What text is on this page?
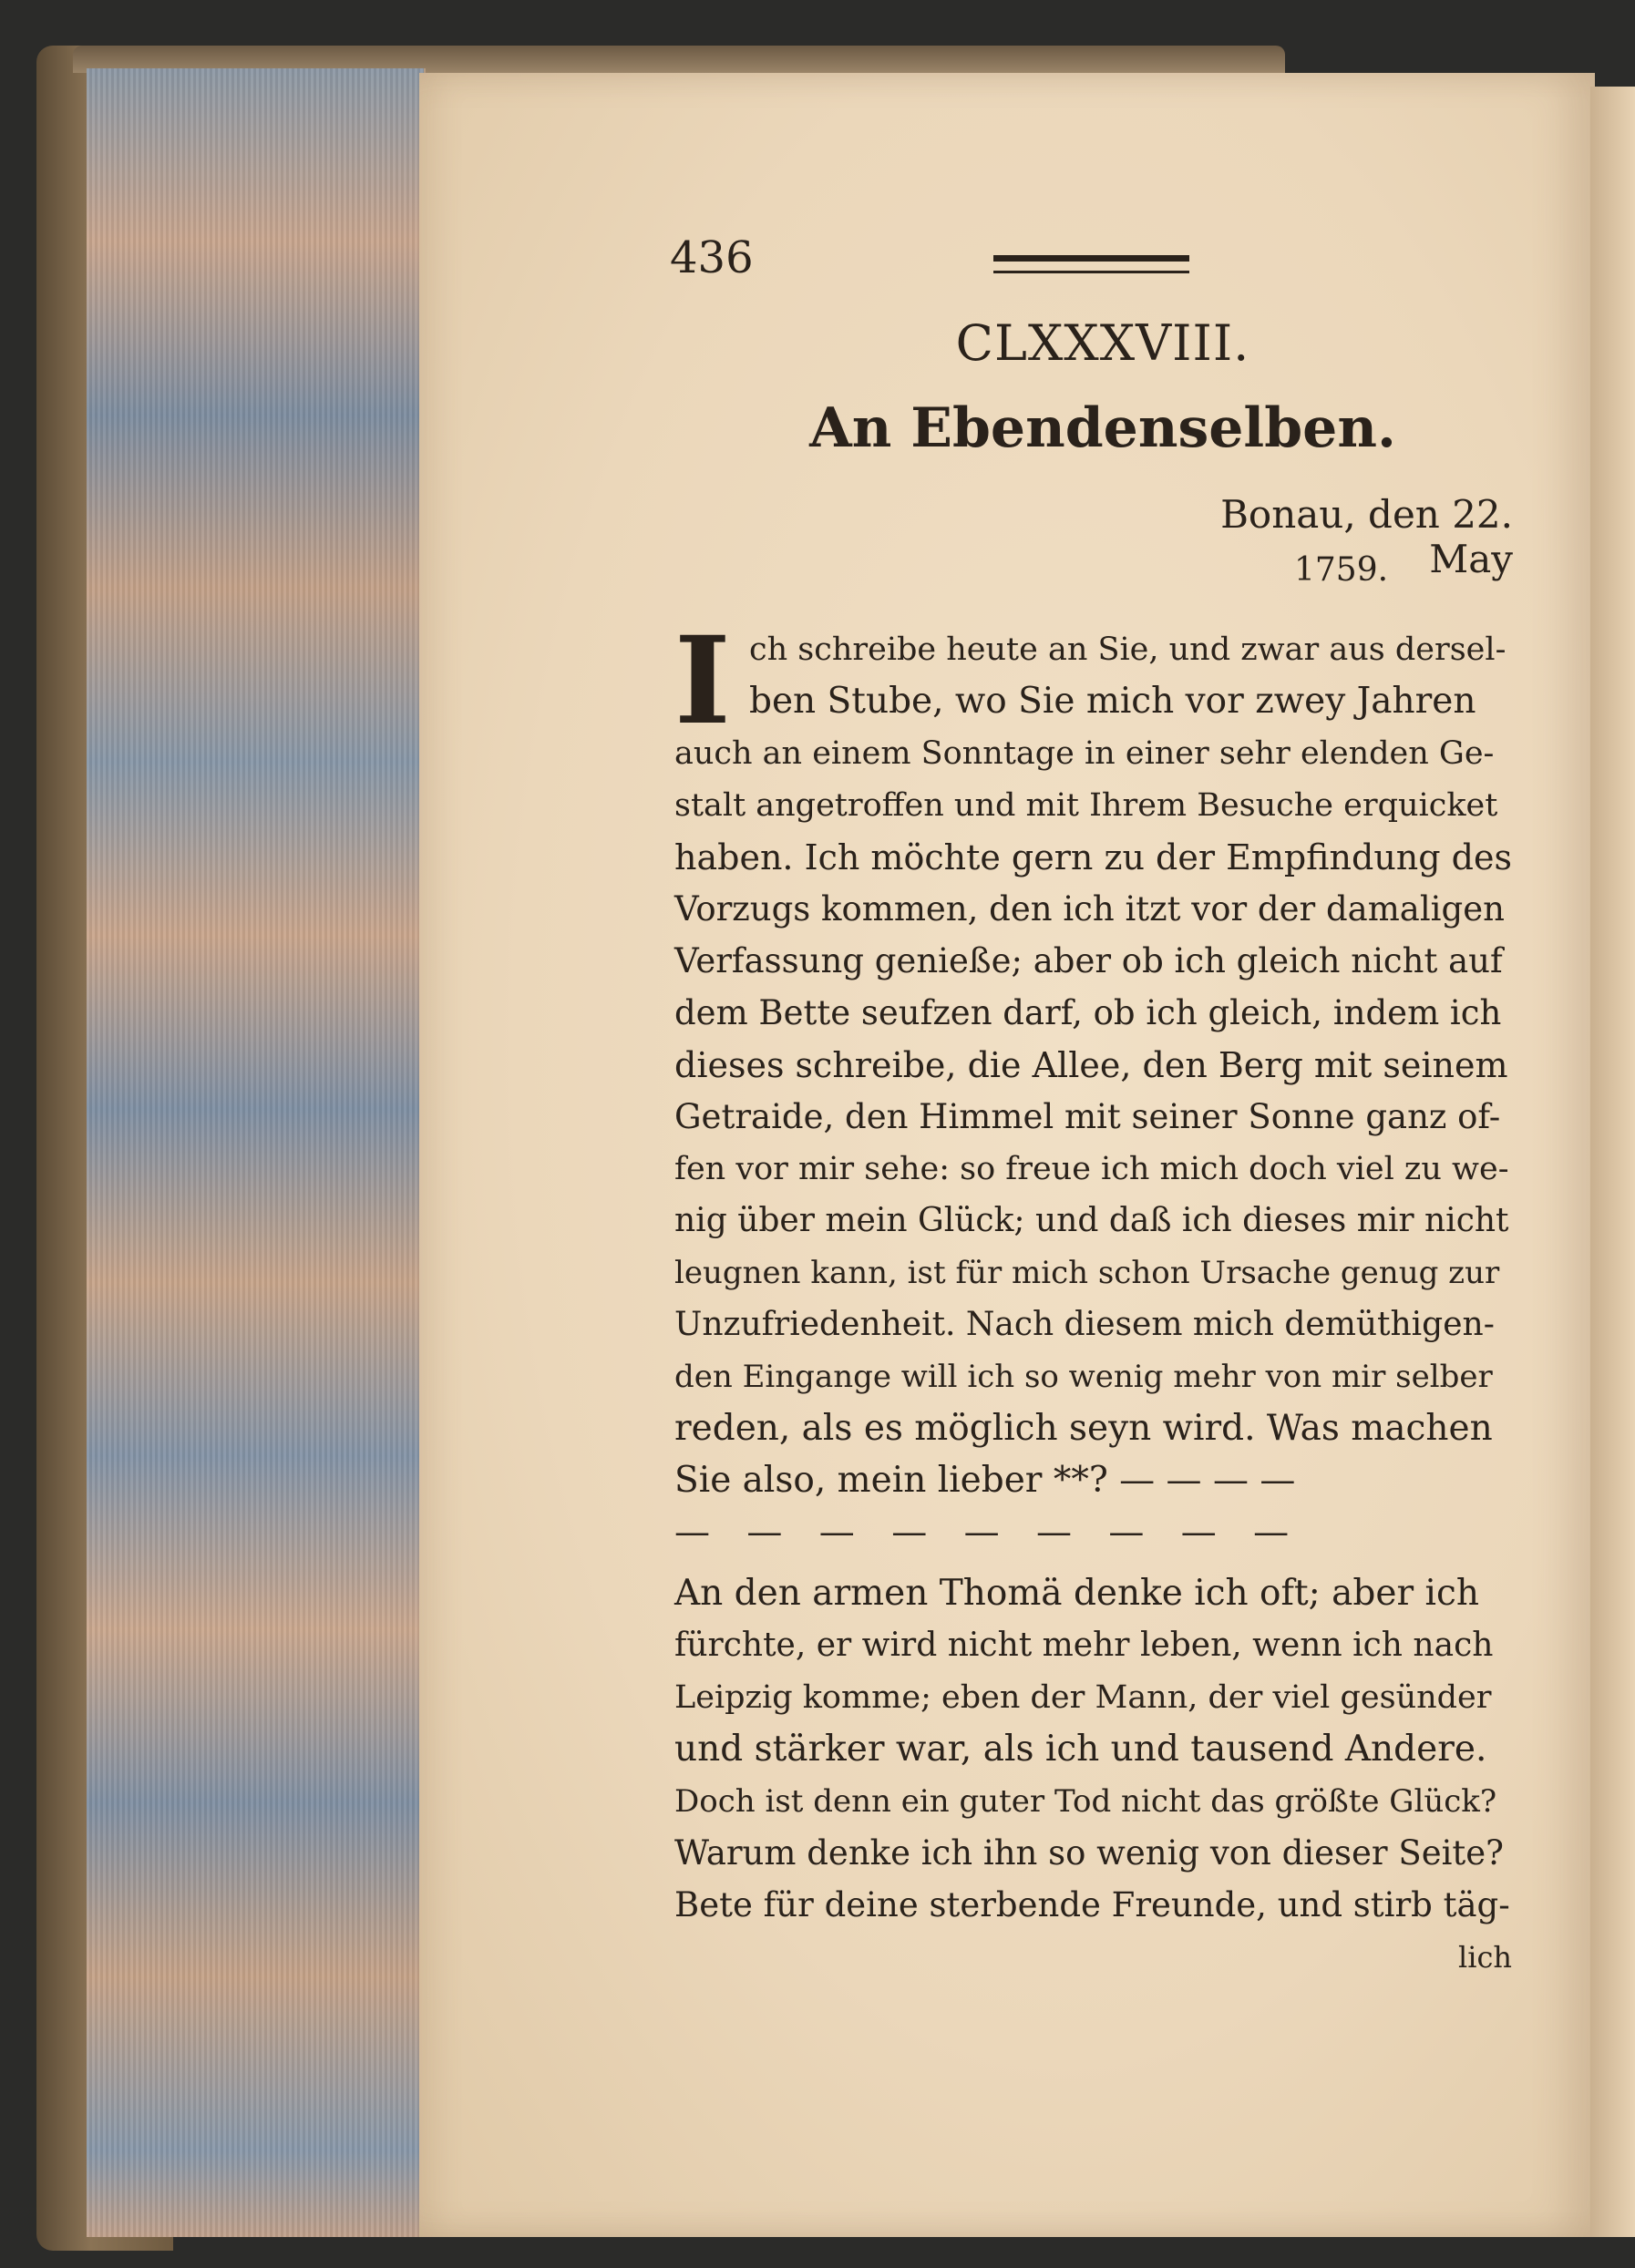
436
CLXXXVIII.
An Ebendenselben.
Bonau, den 22. May
1759.
I ch schreibe heute an Sie, und zwar aus dersel-
ben Stube, wo Sie mich vor zwey Jahren
auch an einem Sonntage in einer sehr elenden Ge-
stalt angetroffen und mit Ihrem Besuche erquicket
haben. Ich möchte gern zu der Empfindung des
Vorzugs kommen, den ich itzt vor der damaligen
Verfassung genieße; aber ob ich gleich nicht auf
dem Bette seufzen darf, ob ich gleich, indem ich
dieses schreibe, die Allee, den Berg mit seinem
Getraide, den Himmel mit seiner Sonne ganz of-
fen vor mir sehe: so freue ich mich doch viel zu we-
nig über mein Glück; und daß ich dieses mir nicht
leugnen kann, ist für mich schon Ursache genug zur
Unzufriedenheit. Nach diesem mich demüthigen-
den Eingange will ich so wenig mehr von mir selber
reden, als es möglich seyn wird. Was machen
Sie also, mein lieber **? — — — —
— — — — — — — — —
An den armen Thomä denke ich oft; aber ich
fürchte, er wird nicht mehr leben, wenn ich nach
Leipzig komme; eben der Mann, der viel gesünder
und stärker war, als ich und tausend Andere.
Doch ist denn ein guter Tod nicht das größte Glück?
Warum denke ich ihn so wenig von dieser Seite?
Bete für deine sterbende Freunde, und stirb täg-
lich
